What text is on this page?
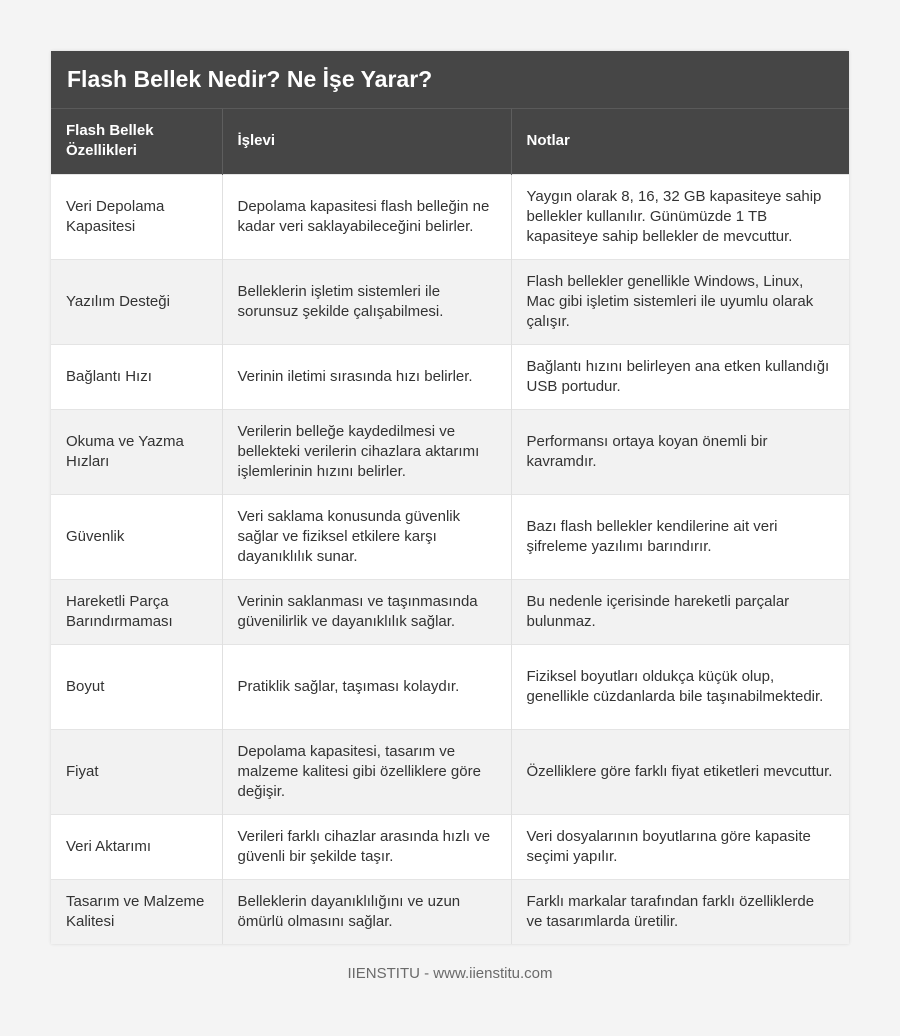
Flash Bellek Nedir? Ne İşe Yarar?
Flash Bellek Özellikleri	İşlevi	Notlar
Veri Depolama Kapasitesi	Depolama kapasitesi flash belleğin ne kadar veri saklayabileceğini belirler.	Yaygın olarak 8, 16, 32 GB kapasiteye sahip bellekler kullanılır. Günümüzde 1 TB kapasiteye sahip bellekler de mevcuttur.
Yazılım Desteği	Belleklerin işletim sistemleri ile sorunsuz şekilde çalışabilmesi.	Flash bellekler genellikle Windows, Linux, Mac gibi işletim sistemleri ile uyumlu olarak çalışır.
Bağlantı Hızı	Verinin iletimi sırasında hızı belirler.	Bağlantı hızını belirleyen ana etken kullandığı USB portudur.
Okuma ve Yazma Hızları	Verilerin belleğe kaydedilmesi ve bellekteki verilerin cihazlara aktarımı işlemlerinin hızını belirler.	Performansı ortaya koyan önemli bir kavramdır.
Güvenlik	Veri saklama konusunda güvenlik sağlar ve fiziksel etkilere karşı dayanıklılık sunar.	Bazı flash bellekler kendilerine ait veri şifreleme yazılımı barındırır.
Hareketli Parça Barındırmaması	Verinin saklanması ve taşınmasında güvenilirlik ve dayanıklılık sağlar.	Bu nedenle içerisinde hareketli parçalar bulunmaz.
Boyut	Pratiklik sağlar, taşıması kolaydır.	Fiziksel boyutları oldukça küçük olup, genellikle cüzdanlarda bile taşınabilmektedir.
Fiyat	Depolama kapasitesi, tasarım ve malzeme kalitesi gibi özelliklere göre değişir.	Özelliklere göre farklı fiyat etiketleri mevcuttur.
Veri Aktarımı	Verileri farklı cihazlar arasında hızlı ve güvenli bir şekilde taşır.	Veri dosyalarının boyutlarına göre kapasite seçimi yapılır.
Tasarım ve Malzeme Kalitesi	Belleklerin dayanıklılığını ve uzun ömürlü olmasını sağlar.	Farklı markalar tarafından farklı özelliklerde ve tasarımlarda üretilir.
IIENSTITU - www.iienstitu.com
